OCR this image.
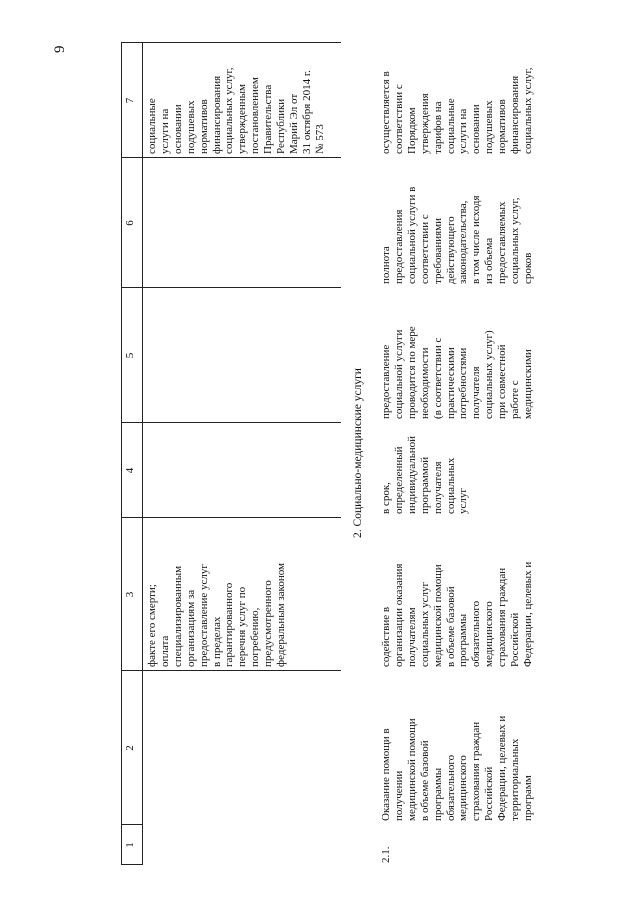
9
1
2
3
4
5
6
7
факте его смерти;
оплата
специализированным
организациям за
предоставление услуг
в пределах
гарантированного
перечня услуг по
погребению,
предусмотренного
федеральным законом
социальные
услуги на
основании
подушевых
нормативов
финансирования
социальных услуг,
утвержденным
постановлением
Правительства
Республики
Марий Эл от
31 октября 2014 г.
№ 573
2. Социально-медицинские услуги
2.1.
Оказание помощи в
получении
медицинской помощи
в объеме базовой
программы
обязательного
медицинского
страхования граждан
Российской
Федерации, целевых и
территориальных
программ
содействие в
организации оказания
получателям
социальных услуг
медицинской помощи
в объеме базовой
программы
обязательного
медицинского
страхования граждан
Российской
Федерации, целевых и
в срок,
определенный
индивидуальной
программой
получателя
социальных
услуг
предоставление
социальной услуги
проводится по мере
необходимости
(в соответствии с
практическими
потребностями
получателя
социальных услуг)
при совместной
работе с
медицинскими
полнота
предоставления
социальной услуги в
соответствии с
требованиями
действующего
законодательства,
в том числе исходя
из объема
предоставляемых
социальных услуг,
сроков
осуществляется в
соответствии с
Порядком
утверждения
тарифов на
социальные
услуги на
основании
подушевых
нормативов
финансирования
социальных услуг,
